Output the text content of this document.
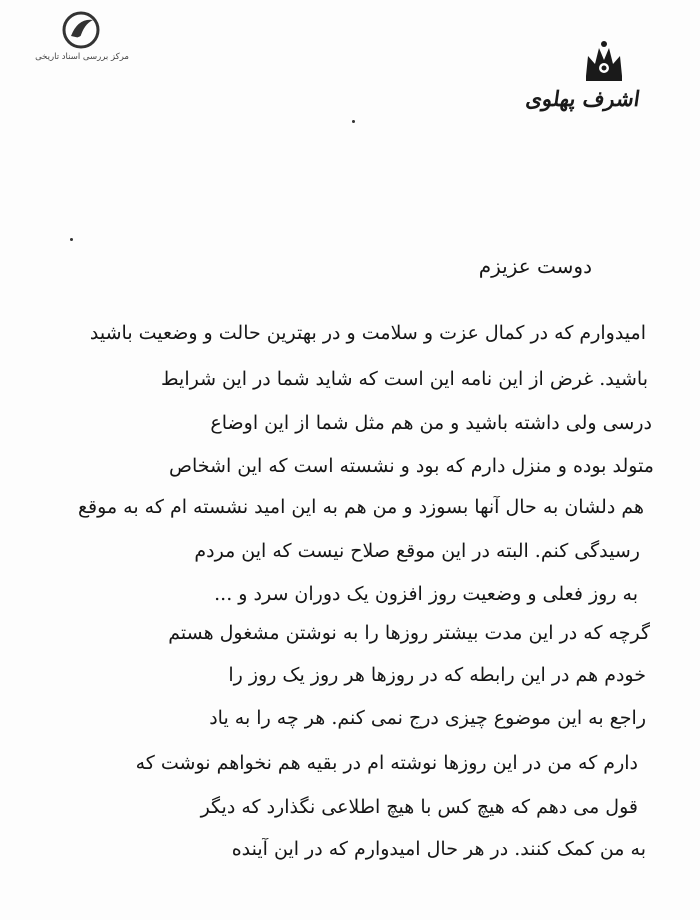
مرکز بررسی اسناد تاریخی
اشرف پهلوی
دوست عزیزم
امیدوارم که در کمال عزت و سلامت و در بهترین حالت و وضعیت باشید
باشید. غرض از این نامه این است که شاید شما در این شرایط
درسی ولی داشته باشید و من هم مثل شما از این اوضاع
متولد بوده و منزل دارم که بود و نشسته است که این اشخاص
هم دلشان به حال آنها بسوزد و من هم به این امید نشسته ام که به موقع
رسیدگی کنم. البته در این موقع صلاح نیست که این مردم
به روز فعلی و وضعیت روز افزون یک دوران سرد و ...
گرچه که در این مدت بیشتر روزها را به نوشتن مشغول هستم
خودم هم در این رابطه که در روزها هر روز یک روز را
راجع به این موضوع چیزی درج نمی کنم. هر چه را به یاد
دارم که من در این روزها نوشته ام در بقیه هم نخواهم نوشت که
قول می دهم که هیچ کس با هیچ اطلاعی نگذارد که دیگر
به من کمک کنند. در هر حال امیدوارم که در این آینده
